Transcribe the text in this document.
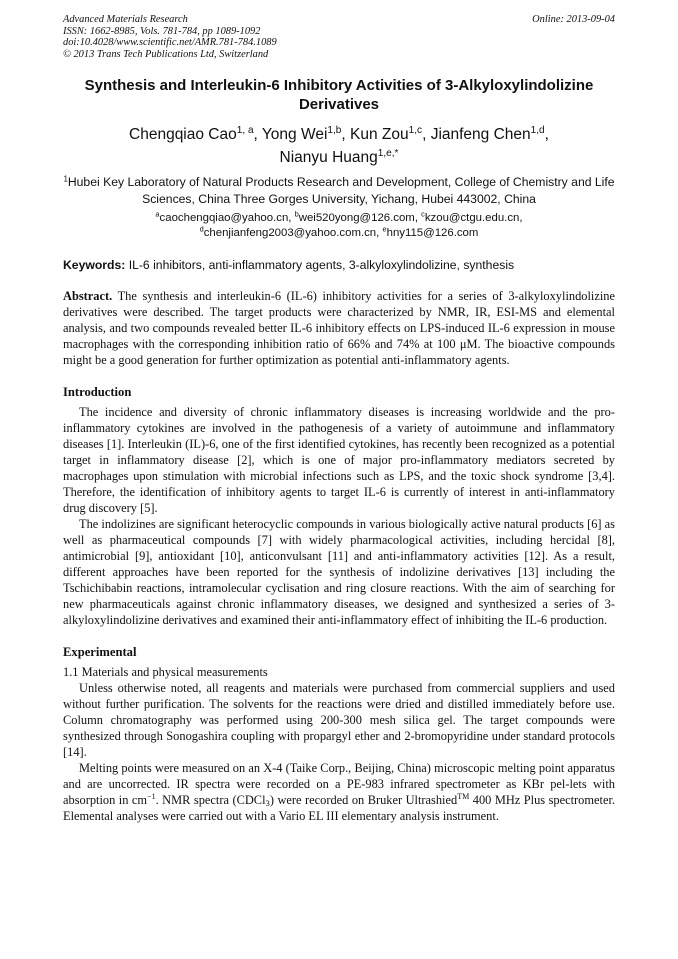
Advanced Materials Research
ISSN: 1662-8985, Vols. 781-784, pp 1089-1092
doi:10.4028/www.scientific.net/AMR.781-784.1089
© 2013 Trans Tech Publications Ltd, Switzerland
Online: 2013-09-04
Synthesis and Interleukin-6 Inhibitory Activities of 3-Alkyloxylindolizine Derivatives
Chengqiao Cao$^{1, a}$, Yong Wei$^{1,b}$, Kun Zou$^{1,c}$, Jianfeng Chen$^{1,d}$,
Nianyu Huang$^{1,e,*}$
$^1$Hubei Key Laboratory of Natural Products Research and Development, College of Chemistry and Life Sciences, China Three Gorges University, Yichang, Hubei 443002, China
$^a$caochengqiao@yahoo.cn, $^b$wei520yong@126.com, $^c$kzou@ctgu.edu.cn,
$^d$chenjianfeng2003@yahoo.com.cn, $^e$hny115@126.com
Keywords: IL-6 inhibitors, anti-inflammatory agents, 3-alkyloxylindolizine, synthesis
Abstract. The synthesis and interleukin-6 (IL-6) inhibitory activities for a series of 3-alkyloxylindolizine derivatives were described. The target products were characterized by NMR, IR, ESI-MS and elemental analysis, and two compounds revealed better IL-6 inhibitory effects on LPS-induced IL-6 expression in mouse macrophages with the corresponding inhibition ratio of 66% and 74% at 100 μM. The bioactive compounds might be a good generation for further optimization as potential anti-inflammatory agents.
Introduction

The incidence and diversity of chronic inflammatory diseases is increasing worldwide and the pro-inflammatory cytokines are involved in the pathogenesis of a variety of autoimmune and inflammatory diseases [1]. Interleukin (IL)-6, one of the first identified cytokines, has recently been recognized as a potential target in inflammatory disease [2], which is one of major pro-inflammatory mediators secreted by macrophages upon stimulation with microbial infections such as LPS, and the toxic shock syndrome [3,4]. Therefore, the identification of inhibitory agents to target IL-6 is currently of interest in anti-inflammatory drug discovery [5].

The indolizines are significant heterocyclic compounds in various biologically active natural products [6] as well as pharmaceutical compounds [7] with widely pharmacological activities, including hercidal [8], antimicrobial [9], antioxidant [10], anticonvulsant [11] and anti-inflammatory activities [12]. As a result, different approaches have been reported for the synthesis of indolizine derivatives [13] including the Tschichibabin reactions, intramolecular cyclisation and ring closure reactions. With the aim of searching for new pharmaceuticals against chronic inflammatory diseases, we designed and synthesized a series of 3-alkyloxylindolizine derivatives and examined their anti-inflammatory effect of inhibiting the IL-6 production.

Experimental
1.1 Materials and physical measurements

Unless otherwise noted, all reagents and materials were purchased from commercial suppliers and used without further purification. The solvents for the reactions were dried and distilled immediately before use. Column chromatography was performed using 200-300 mesh silica gel. The target compounds were synthesized through Sonogashira coupling with propargyl ether and 2-bromopyridine under standard protocols [14].

Melting points were measured on an X-4 (Taike Corp., Beijing, China) microscopic melting point apparatus and are uncorrected. IR spectra were recorded on a PE-983 infrared spectrometer as KBr pel-lets with absorption in $cm^{-1}$. NMR spectra (CDCl$_3$) were recorded on Bruker Ultrashied™ 400 MHz Plus spectrometer. Elemental analyses were carried out with a Vario EL III elementary analysis instrument.
